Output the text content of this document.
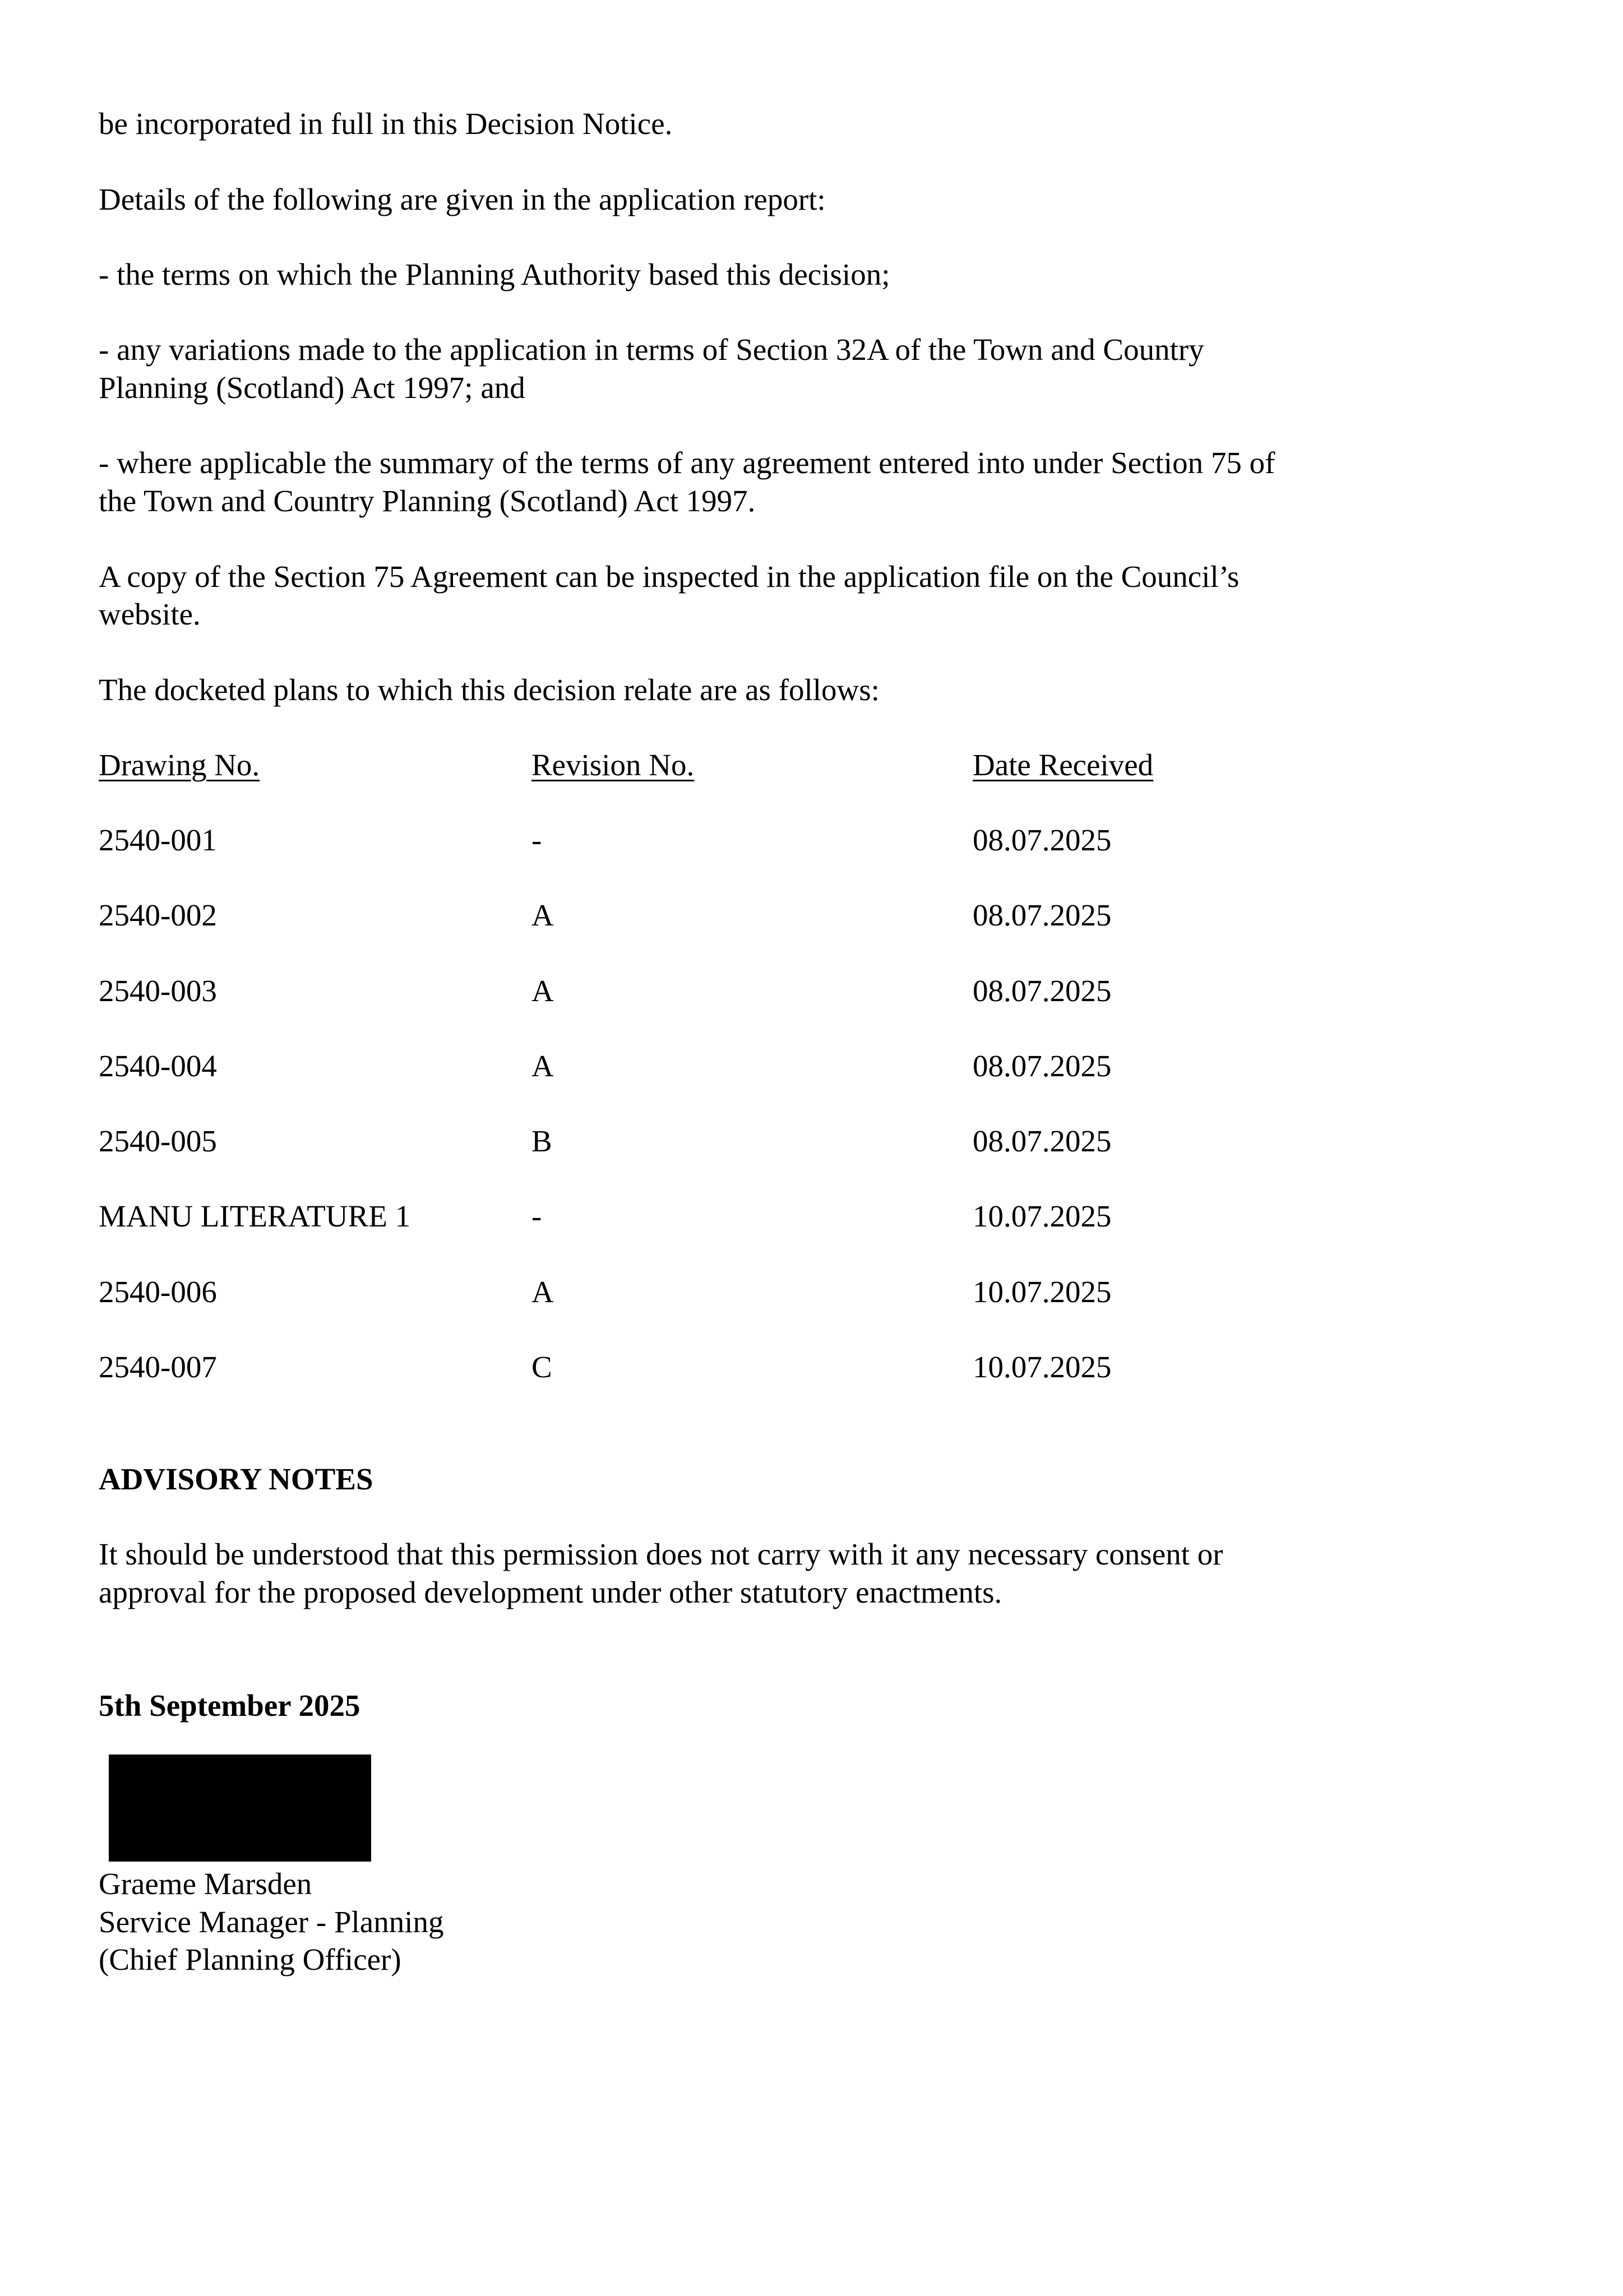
be incorporated in full in this Decision Notice.
Details of the following are given in the application report:
- the terms on which the Planning Authority based this decision;
- any variations made to the application in terms of Section 32A of the Town and Country
Planning (Scotland) Act 1997; and
- where applicable the summary of the terms of any agreement entered into under Section 75 of
the Town and Country Planning (Scotland) Act 1997.
A copy of the Section 75 Agreement can be inspected in the application file on the Council’s
website.
The docketed plans to which this decision relate are as follows:
Drawing No.	Revision No.	Date Received
2540-001	-	08.07.2025
2540-002	A	08.07.2025
2540-003	A	08.07.2025
2540-004	A	08.07.2025
2540-005	B	08.07.2025
MANU LITERATURE 1	-	10.07.2025
2540-006	A	10.07.2025
2540-007	C	10.07.2025
ADVISORY NOTES
It should be understood that this permission does not carry with it any necessary consent or
approval for the proposed development under other statutory enactments.
5th September 2025
Graeme Marsden
Service Manager - Planning
(Chief Planning Officer)
